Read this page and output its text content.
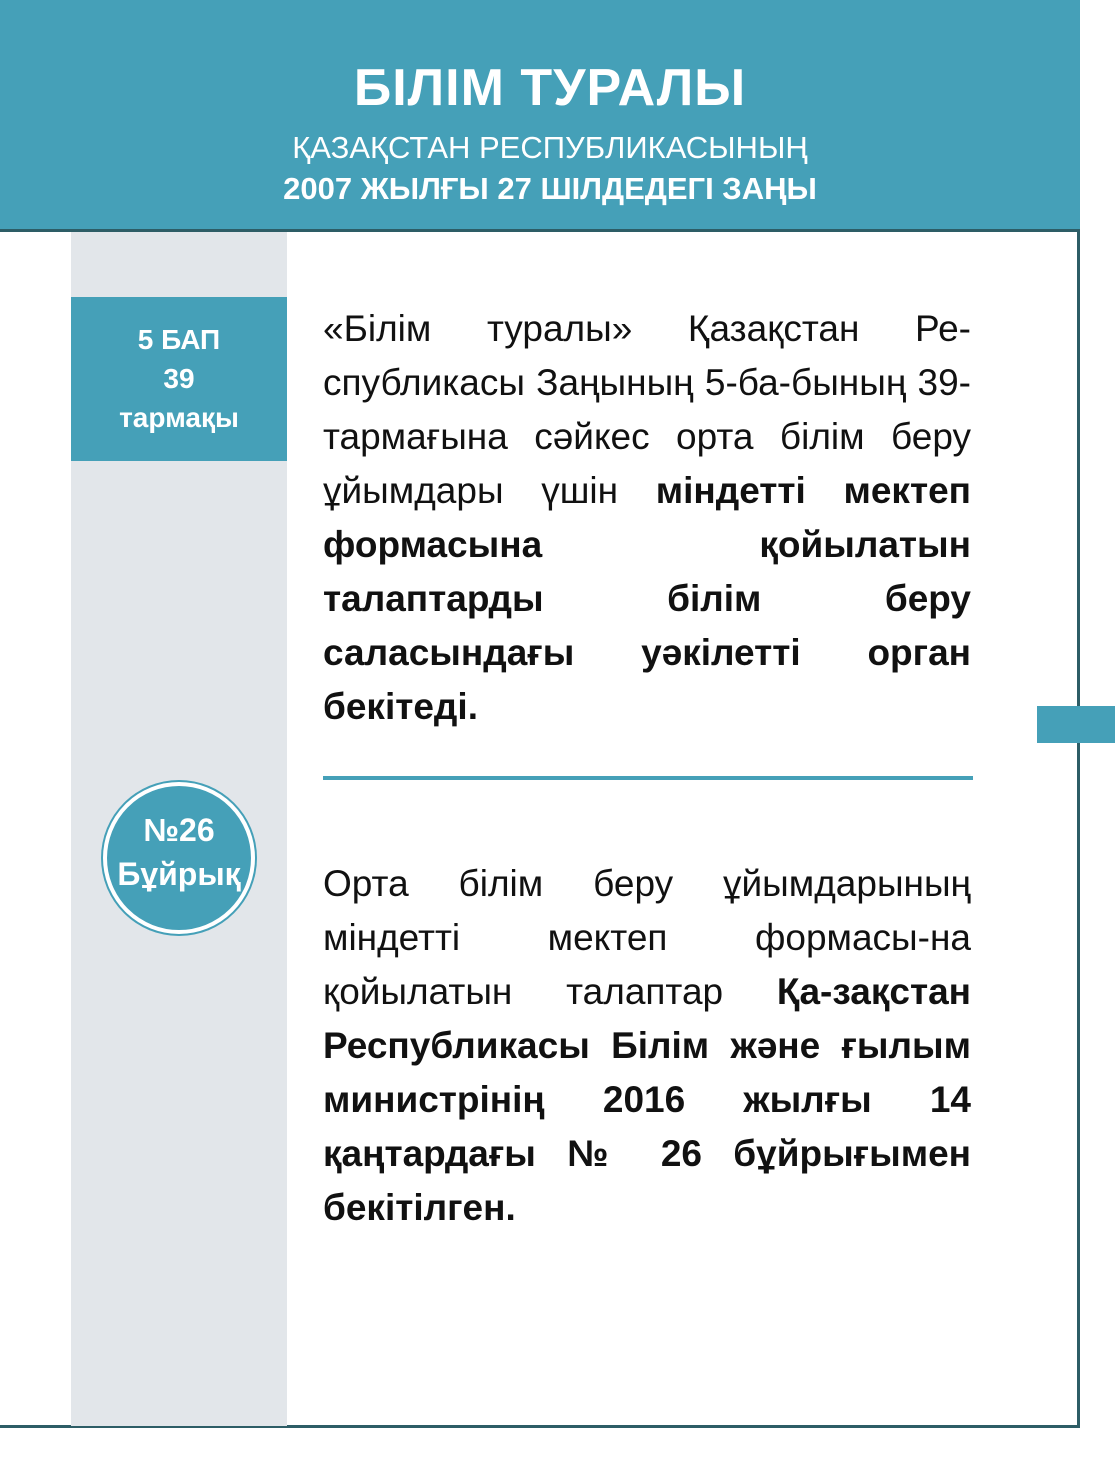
БІЛІМ ТУРАЛЫ
ҚАЗАҚСТАН РЕСПУБЛИКАСЫНЫҢ
2007 ЖЫЛҒЫ 27 ШІЛДЕДЕГІ ЗАҢЫ
5 БАП
39
тармақы
«Білім туралы» Қазақстан Ре-спубликасы Заңының 5-ба-бының 39-тармағына сәйкес орта білім беру ұйымдары үшін міндетті мектеп формасына қойылатын талаптарды білім беру саласындағы уәкілетті орган бекітеді.
№26
Бұйрық Орта білім беру ұйымдарының міндетті мектеп формасы-на қойылатын талаптар Қа-зақстан Республикасы Білім және ғылым министрінің 2016 жылғы 14 қаңтардағы № 26 бұйрығымен бекітілген.
